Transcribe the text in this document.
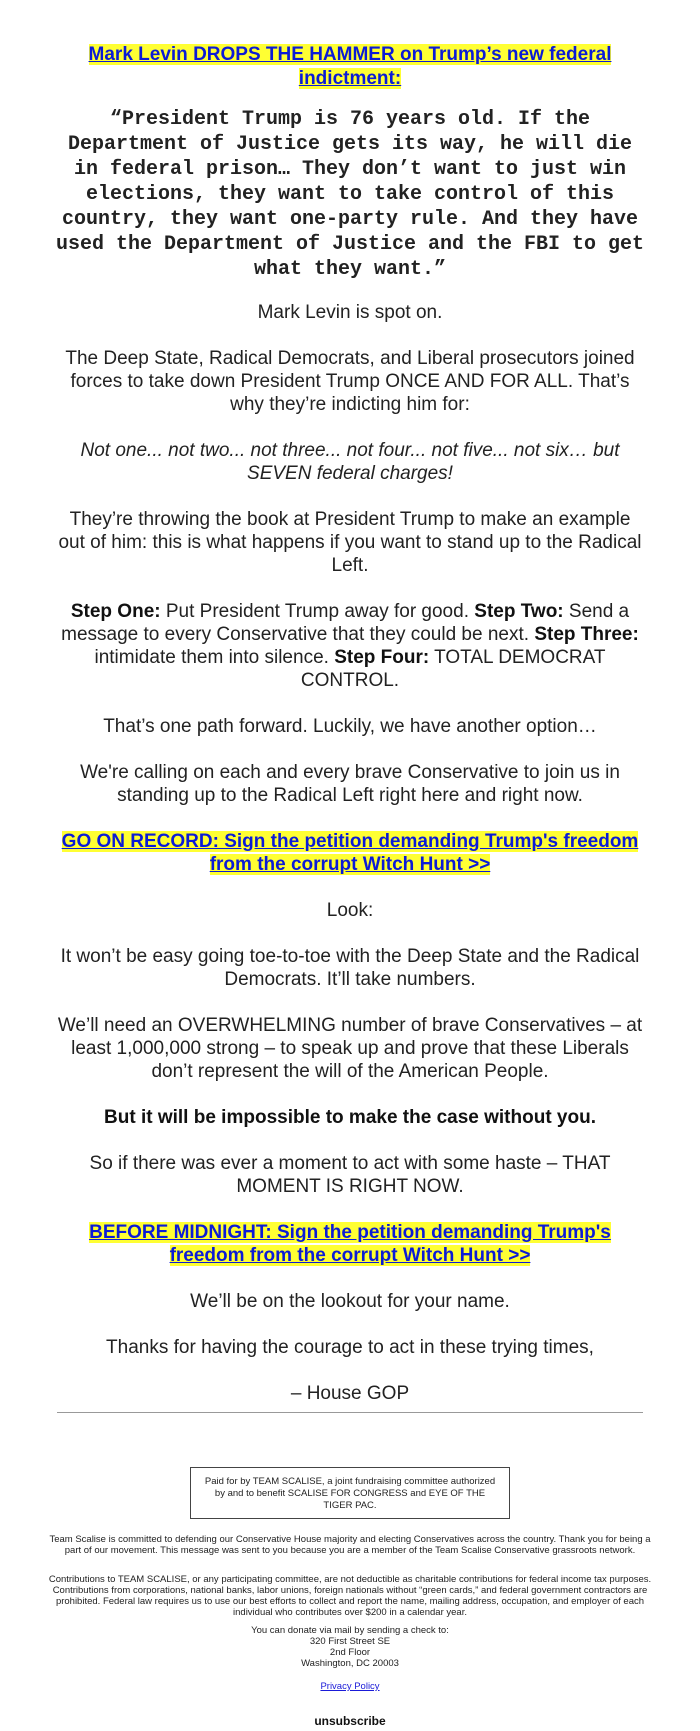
Mark Levin DROPS THE HAMMER on Trump’s new federal indictment:
“President Trump is 76 years old. If the Department of Justice gets its way, he will die in federal prison… They don’t want to just win elections, they want to take control of this country, they want one-party rule. And they have used the Department of Justice and the FBI to get what they want.”
Mark Levin is spot on.
The Deep State, Radical Democrats, and Liberal prosecutors joined forces to take down President Trump ONCE AND FOR ALL. That’s why they’re indicting him for:
Not one... not two... not three... not four... not five... not six… but SEVEN federal charges!
They’re throwing the book at President Trump to make an example out of him: this is what happens if you want to stand up to the Radical Left.
Step One: Put President Trump away for good. Step Two: Send a message to every Conservative that they could be next. Step Three: intimidate them into silence. Step Four: TOTAL DEMOCRAT CONTROL.
That’s one path forward. Luckily, we have another option…
We're calling on each and every brave Conservative to join us in standing up to the Radical Left right here and right now.
GO ON RECORD: Sign the petition demanding Trump's freedom from the corrupt Witch Hunt >>
Look:
It won’t be easy going toe-to-toe with the Deep State and the Radical Democrats. It’ll take numbers.
We’ll need an OVERWHELMING number of brave Conservatives – at least 1,000,000 strong – to speak up and prove that these Liberals don’t represent the will of the American People.
But it will be impossible to make the case without you.
So if there was ever a moment to act with some haste – THAT MOMENT IS RIGHT NOW.
BEFORE MIDNIGHT: Sign the petition demanding Trump's freedom from the corrupt Witch Hunt >>
We’ll be on the lookout for your name.
Thanks for having the courage to act in these trying times,
– House GOP
Paid for by TEAM SCALISE, a joint fundraising committee authorized by and to benefit SCALISE FOR CONGRESS and EYE OF THE TIGER PAC.
Team Scalise is committed to defending our Conservative House majority and electing Conservatives across the country. Thank you for being a part of our movement. This message was sent to you because you are a member of the Team Scalise Conservative grassroots network.
Contributions to TEAM SCALISE, or any participating committee, are not deductible as charitable contributions for federal income tax purposes. Contributions from corporations, national banks, labor unions, foreign nationals without “green cards,” and federal government contractors are prohibited. Federal law requires us to use our best efforts to collect and report the name, mailing address, occupation, and employer of each individual who contributes over $200 in a calendar year.
You can donate via mail by sending a check to:
320 First Street SE
2nd Floor
Washington, DC 20003
Privacy Policy
unsubscribe
